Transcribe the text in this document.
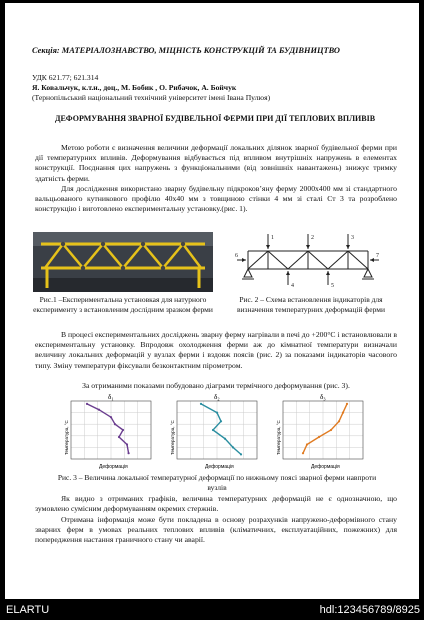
Секція: МАТЕРІАЛОЗНАВСТВО, МІЦНІСТЬ КОНСТРУКЦІЙ ТА БУДІВНИЦТВО
УДК 621.77; 621.314
Я. Ковальчук, к.т.н., доц., М. Бобик , О. Рибачок, А. Бойчук
(Тернопільський національний технічний університет імені Івана Пулюя)
ДЕФОРМУВАННЯ ЗВАРНОЇ БУДІВЕЛЬНОЇ ФЕРМИ ПРИ ДІЇ ТЕПЛОВИХ ВПЛИВІВ
Метою роботи є визначення величини деформації локальних ділянок зварної будівельної ферми при дії температурних впливів. Деформування відбувається під впливом внутрішніх напружень в елементах конструкції. Поєднання цих напружень з функціональними (від зовнішніх навантажень) знижує тримку здатність ферми.
Для дослідження використано зварну будівельну підкроков’яну ферму 2000х400 мм зі стандартного вальцьованого кутникового профілю 40х40 мм з товщиною стінки 4 мм зі сталі Ст 3 та розроблено конструкцію і виготовлено експериментальну установку.(рис. 1).
Рис.1 –Експериментальна установкая для натурного експерименту з встановленим дослідним зразком ферми
1	2	3
4	5
6	7
Рис. 2 – Схема встановлення індикаторів для визначення температурних деформацій ферми
В процесі експериментальних досліджень зварну ферму нагрівали в печі до +200°С і встановлювали в експериментальну установку. Впродовж охолодження ферми аж до кімнатної температури визначали величину локальних деформацій у вузлах ферми і вздовж поясів (рис. 2) за показами індикаторів часового типу. Зміну температури фіксували безконтактним пірометром.
За отриманими показами побудовано діаграми термічного деформування (рис. 3).
δ₁
Деформація
Температура, °C
δ₂
Деформація
Температура, °C
δ₃
Деформація
Температура, °C
Рис. 3 – Величина локальної температурної деформації по нижньому поясі зварної ферми навпроти вузлів
Як видно з отриманих графіків, величина температурних деформацій не є однозначною, що зумовлено сумісним деформуванням окремих стержнів.
Отримана інформація може бути покладена в основу розрахунків напружено-деформівного стану зварних ферм в умовах реальних теплових впливів (кліматичних, експлуатаційних, пожежних) для попередження настання граничного стану чи аварії.
ELARTU	hdl:123456789/8925
